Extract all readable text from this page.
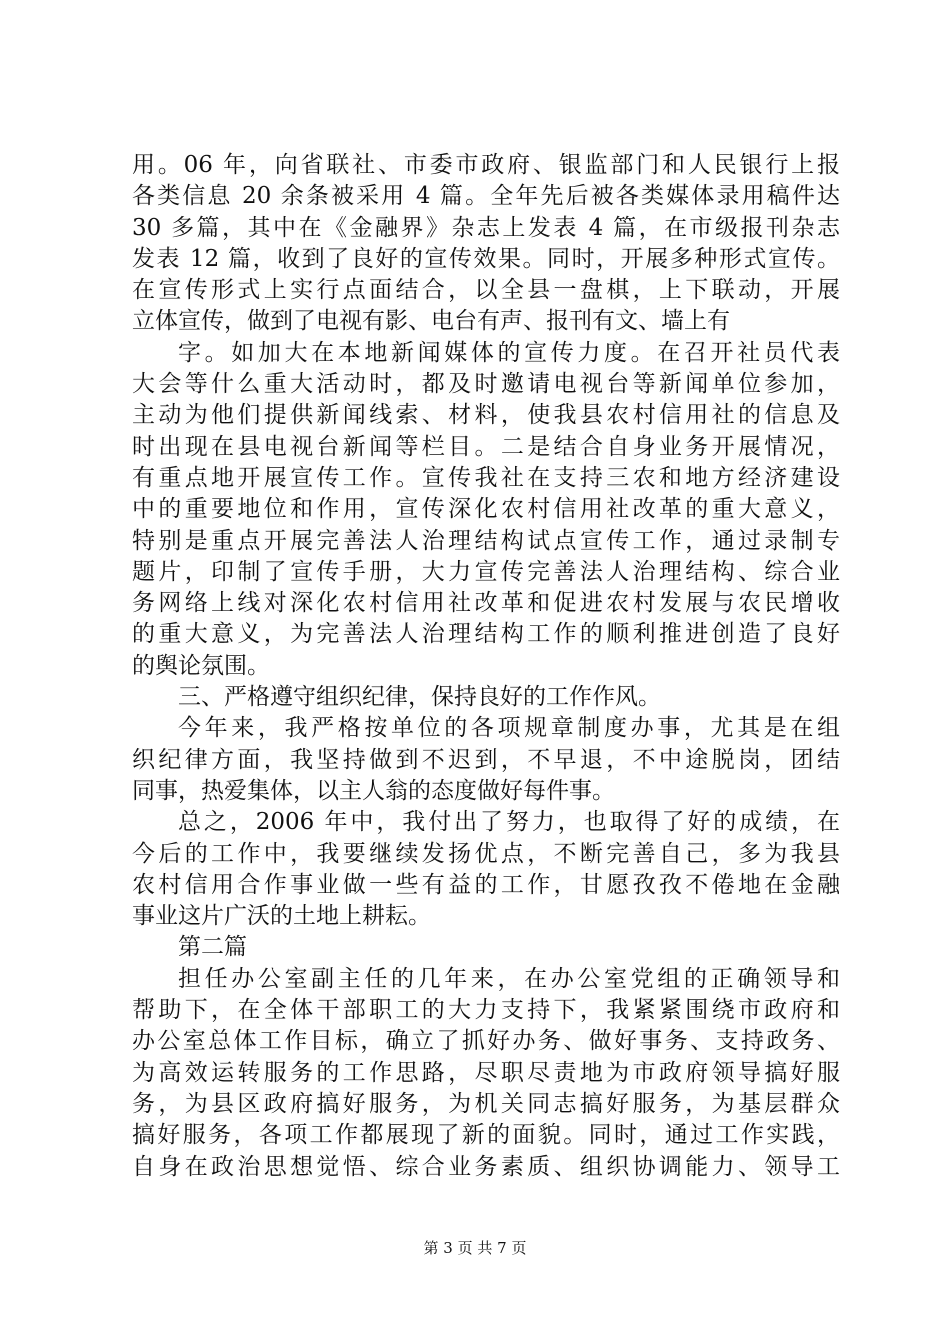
用。06 年，向省联社、市委市政府、银监部门和人民银行上报
各类信息 20 余条被采用 4 篇。全年先后被各类媒体录用稿件达
30 多篇，其中在《金融界》杂志上发表 4 篇，在市级报刊杂志
发表 12 篇，收到了良好的宣传效果。同时，开展多种形式宣传。
在宣传形式上实行点面结合，以全县一盘棋，上下联动，开展
立体宣传，做到了电视有影、电台有声、报刊有文、墙上有
字。如加大在本地新闻媒体的宣传力度。在召开社员代表
大会等什么重大活动时，都及时邀请电视台等新闻单位参加，
主动为他们提供新闻线索、材料，使我县农村信用社的信息及
时出现在县电视台新闻等栏目。二是结合自身业务开展情况，
有重点地开展宣传工作。宣传我社在支持三农和地方经济建设
中的重要地位和作用，宣传深化农村信用社改革的重大意义，
特别是重点开展完善法人治理结构试点宣传工作，通过录制专
题片，印制了宣传手册，大力宣传完善法人治理结构、综合业
务网络上线对深化农村信用社改革和促进农村发展与农民增收
的重大意义，为完善法人治理结构工作的顺利推进创造了良好
的舆论氛围。
三、严格遵守组织纪律，保持良好的工作作风。
今年来，我严格按单位的各项规章制度办事，尤其是在组
织纪律方面，我坚持做到不迟到，不早退，不中途脱岗，团结
同事，热爱集体，以主人翁的态度做好每件事。
总之，2006 年中，我付出了努力，也取得了好的成绩，在
今后的工作中，我要继续发扬优点，不断完善自己，多为我县
农村信用合作事业做一些有益的工作，甘愿孜孜不倦地在金融
事业这片广沃的土地上耕耘。
第二篇
担任办公室副主任的几年来，在办公室党组的正确领导和
帮助下，在全体干部职工的大力支持下，我紧紧围绕市政府和
办公室总体工作目标，确立了抓好办务、做好事务、支持政务、
为高效运转服务的工作思路，尽职尽责地为市政府领导搞好服
务，为县区政府搞好服务，为机关同志搞好服务，为基层群众
搞好服务，各项工作都展现了新的面貌。同时，通过工作实践，
自身在政治思想觉悟、综合业务素质、组织协调能力、领导工
第 3 页 共 7 页
